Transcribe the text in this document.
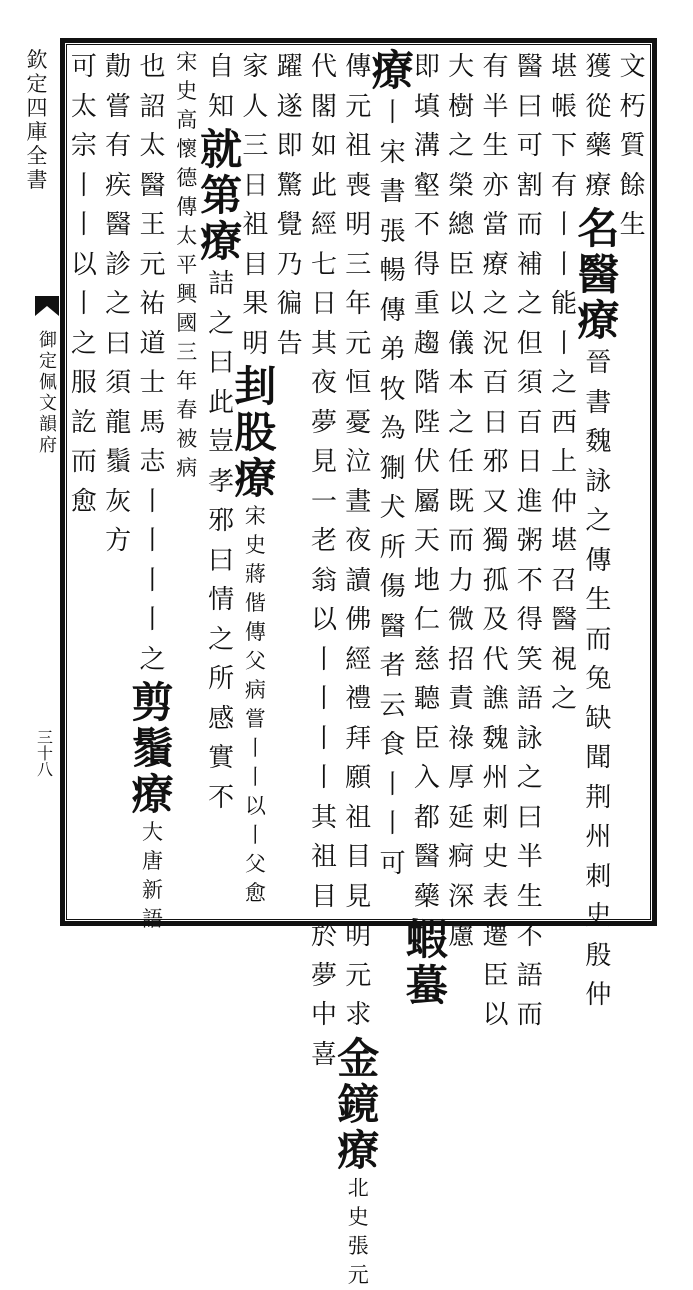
欽
定
四
庫
全
書
御
定
佩
文
韻
府
三
十
八
文
朽
質
餘
生
獲
從
藥
療
名
醫
療
晉
書
魏
詠
之
傳
生
而
兔
缺
聞
荆
州
刺
史
殷
仲
堪
帳
下
有
丨
丨
能
丨
之
西
上
仲
堪
召
醫
視
之
醫
曰
可
割
而
補
之
但
須
百
日
進
粥
不
得
笑
語
詠
之
曰
半
生
不
語
而
有
半
生
亦
當
療
之
況
百
日
邪
又
獨
孤
及
代
譙
魏
州
刺
史
表
遷
臣
以
大
樹
之
榮
總
臣
以
儀
本
之
任
既
而
力
微
招
責
祿
厚
延
痾
深
慮
即
填
溝
壑
不
得
重
趨
階
陛
伏
屬
天
地
仁
慈
聽
臣
入
都
醫
藥
蝦
蟇
療
丨
宋
書
張
暢
傳
弟
牧
為
猘
犬
所
傷
醫
者
云
食
丨
丨
可
傳
元
祖
喪
明
三
年
元
恒
憂
泣
晝
夜
讀
佛
經
禮
拜
願
祖
目
見
明
元
求
金
鏡
療
北
史
張
元
代
閣
如
此
經
七
日
其
夜
夢
見
一
老
翁
以
丨
丨
丨
丨
其
祖
目
於
夢
中
喜
躍
遂
即
驚
覺
乃
徧
告
家
人
三
日
祖
目
果
明
刲
股
療
宋
史
蔣
偕
傳
父
病
嘗
丨
丨
以
丨
父
愈
自
知
就
第
療
詰
之
曰
此
豈
孝
邪
曰
情
之
所
感
實
不
宋
史
高
懷
德
傳
太
平
興
國
三
年
春
被
病
也
詔
太
醫
王
元
祐
道
士
馬
志
丨
丨
丨
丨
之
剪
鬚
療
大
唐
新
語
勣
嘗
有
疾
醫
診
之
曰
須
龍
鬚
灰
方
可
太
宗
丨
丨
以
丨
之
服
訖
而
愈
